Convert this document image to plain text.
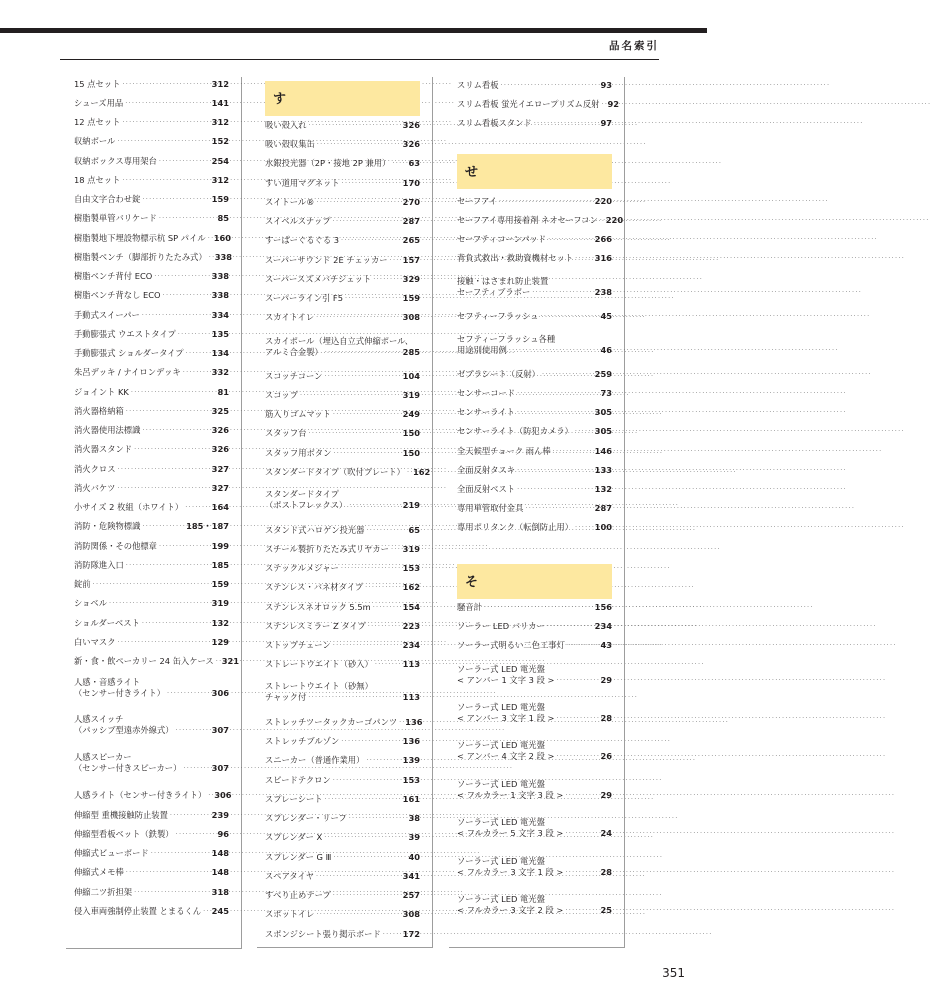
品名索引
15 点セット ·····	312
シューズ用品 ·····	141
12 点セット ·····	312
収納ボール ·····	152
収納ボックス専用架台 ·····	254
18 点セット ·····	312
自由文字合わせ錠 ·····	159
樹脂製単管バリケード ·····	85
樹脂製地下埋設物標示杭 SP パイル ····· 160
樹脂製ベンチ（脚部折りたたみ式） ····· 338
樹脂ベンチ背付 ECO ·····	338
樹脂ベンチ背なし ECO ·····	338
手動式スイーパー ·····	334
手動膨張式 ウエストタイプ ·····	135
手動膨張式 ショルダータイプ ·····	134
朱呂デッキ / ナイロンデッキ ·····	332
ジョイント KK ·····	81
消火器格納箱 ·····	325
消火器使用法標識 ·····	326
消火器スタンド ·····	326
消火クロス ·····	327
消火バケツ ·····	327
小サイズ 2 枚組（ホワイト） ·····	164
消防・危険物標識 ·····	185・187
消防関係・その他標章 ·····	199
消防隊進入口 ·····	185
錠前 ·····	159
ショベル ·····	319
ショルダーベスト ·····	132
白いマスク ·····	129
新・食・飲ペーカリー 24 缶入ケース ····· 321
人感・音感ライト
（センサー付きライト） ·····	306
人感スイッチ
（パッシブ型遠赤外線式） ·····	307
人感スピーカー
（センサー付きスピーカー） ·····	307
人感ライト（センサー付きライト） ····· 306
伸縮型 重機接触防止装置 ·····	239
伸縮型看板ベット（鉄製） ·····	96
伸縮式ビューボード ·····	148
伸縮式メモ棒 ·····	148
伸縮二ツ折担架 ·····	318
侵入車両強制停止装置 とまるくん ····· 245
す
吸い殻入れ ·····	326
吸い殻収集缶 ·····	326
水銀投光器（2P・接地 2P 兼用） ····· 63
すい道用マグネット ·····	170
スイトール® ·····	270
スイベルスナップ ·····	287
すーぱーぐるぐる 3 ·····	265
スーパーサウンド 2E チェッカー ····· 157
スーパースズメバチジェット ·····	329
スーパーライン引 F5 ·····	159
スカイトイレ ·····	308
スカイポール（埋込自立式伸縮ポール、
アルミ合金製） ·····	285
スコッチコーン ·····	104
スコップ ·····	319
筋入りゴムマット ·····	249
スタッフ台 ·····	150
スタッフ用ボタン ·····	150
スタンダードタイプ（吹付プレート） ····· 162
スタンダードタイプ
（ポストフレックス） ·····	219
スタンド式ハロゲン投光器 ·····	65
スチール製折りたたみ式リヤカー ····· 319
ステックルメジャー ·····	153
ステンレス・バネ材タイプ ·····	162
ステンレスネオロック 5.5m ·····	154
ステンレスミラー Z タイプ ·····	223
ストップチェーン ·····	234
ストレートウエイト（砂入） ·····	113
ストレートウエイト（砂無）
チャック付 ·····	113
ストレッチツータックカーゴパンツ ····· 136
ストレッチブルゾン ·····	136
スニーカー（普通作業用） ·····	139
スピードテクロン ·····	153
スプレーシート ·····	161
スプレンダー・リーフ ·····	38
スプレンダー X ·····	39
スプレンダー G Ⅲ ·····	40
スペアタイヤ ·····	341
すべり止めテープ ·····	257
スポットイレ ·····	308
スポンジシート張り掲示ボード ·····	172
せ
そ
スリム看板 ·····	93
スリム看板 蛍光イエロープリズム反射 ····· 92
スリム看板スタンド ·····	97
セーフアイ ·····	220
セーフアイ専用接着剤 ネオセーフコン ····· 220
セーフティコーンパッド ·····	266
背負式救出・救助資機材セット ·····	316
接触・はさまれ防止装置
セーフティブラボー ·····	238
セフティーフラッシュ ·····	45
セフティーフラッシュ各種
用途別使用例 ·····	46
ゼブラシート（反射） ·····	259
センサーコード ·····	73
センサーライト ·····	305
センサーライト（防犯カメラ） ·····	305
全天候型チョーク 雨ん棒 ·····	146
全面反射タスキ ·····	133
全面反射ベスト ·····	132
専用単管取付金具 ·····	287
専用ポリタンク（転倒防止用） ·····	100
騒音計 ·····	156
ソーラー LED バリカー ·····	234
ソーラー式明るい二色工事灯 ·····	43
ソーラー式 LED 電光盤
< アンバー 1 文字 3 段 > ·····	29
ソーラー式 LED 電光盤
< アンバー 3 文字 1 段 > ·····	28
ソーラー式 LED 電光盤
< アンバー 4 文字 2 段 > ·····	26
ソーラー式 LED 電光盤
< フルカラー 1 文字 3 段 > ·····	29
ソーラー式 LED 電光盤
< フルカラー 5 文字 3 段 > ·····	24
ソーラー式 LED 電光盤
< フルカラー 3 文字 1 段 > ·····	28
ソーラー式 LED 電光盤
< フルカラー 3 文字 2 段 > ·····	25
351
